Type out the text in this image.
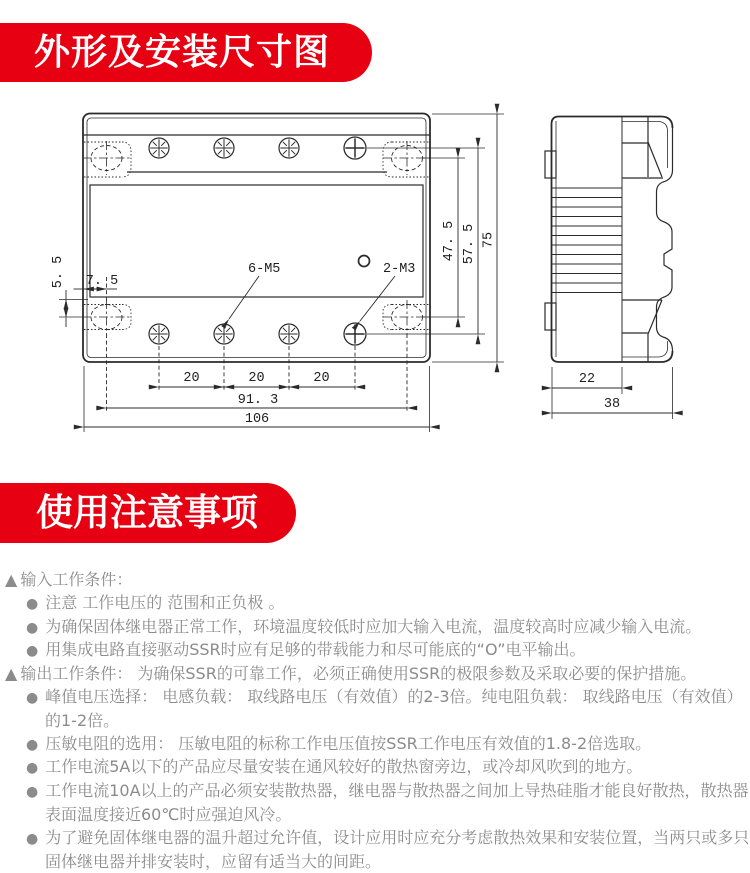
6-M5	2-M3
5. 5 7. 5
47. 5 57. 5 75
20	20	20
91. 3
106
22
38
外形及安装尺寸图
使用注意事项
▲ 输入工作条件：
● 注意 工作电压的 范围和正负极 。
● 为确保固体继电器正常工作，环境温度较低时应加大输入电流，温度较高时应减少输入电流。
● 用集成电路直接驱动SSR时应有足够的带载能力和尽可能底的“O”电平输出。
▲ 输出工作条件： 为确保SSR的可靠工作，必须正确使用SSR的极限参数及采取必要的保护措施。
● 峰值电压选择： 电感负载： 取线路电压（有效值）的2-3倍。纯电阻负载： 取线路电压（有效值）的1-2倍。
● 压敏电阻的选用： 压敏电阻的标称工作电压值按SSR工作电压有效值的1.8-2倍选取。
● 工作电流5A以下的产品应尽量安装在通风较好的散热窗旁边，或冷却风吹到的地方。
● 工作电流10A以上的产品必须安装散热器，继电器与散热器之间加上导热硅脂才能良好散热，散热器表面温度接近60℃时应强迫风冷。
● 为了避免固体继电器的温升超过允许值，设计应用时应充分考虑散热效果和安装位置，当两只或多只固体继电器并排安装时，应留有适当大的间距。
